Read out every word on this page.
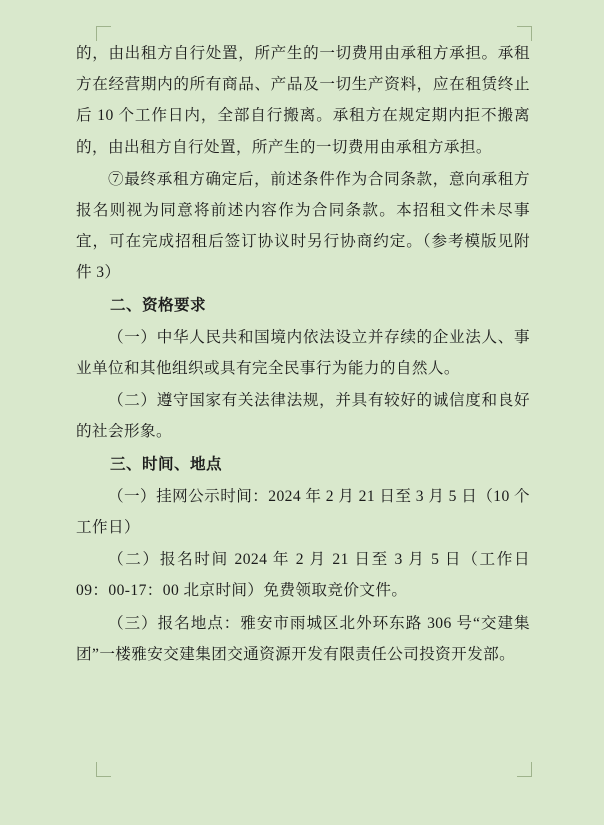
的，由出租方自行处置，所产生的一切费用由承租方承担。承租方在经营期内的所有商品、产品及一切生产资料，应在租赁终止后 10 个工作日内，全部自行搬离。承租方在规定期内拒不搬离的，由出租方自行处置，所产生的一切费用由承租方承担。

⑦最终承租方确定后，前述条件作为合同条款，意向承租方报名则视为同意将前述内容作为合同条款。本招租文件未尽事宜，可在完成招租后签订协议时另行协商约定。（参考模版见附件 3）

二、资格要求

（一）中华人民共和国境内依法设立并存续的企业法人、事业单位和其他组织或具有完全民事行为能力的自然人。

（二）遵守国家有关法律法规，并具有较好的诚信度和良好的社会形象。

三、时间、地点

（一）挂网公示时间：2024 年 2 月 21 日至 3 月 5 日（10 个工作日）

（二）报名时间 2024 年 2 月 21 日至 3 月 5 日（工作日 09：00-17：00 北京时间）免费领取竞价文件。

（三）报名地点：雅安市雨城区北外环东路 306 号“交建集团”一楼雅安交建集团交通资源开发有限责任公司投资开发部。
